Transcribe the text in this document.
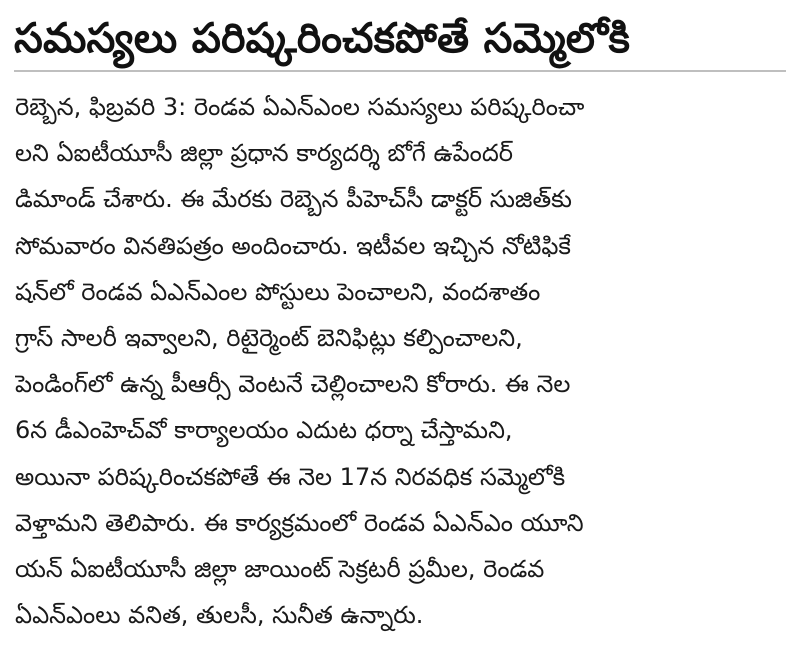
సమస్యలు పరిష్కరించకపోతే సమ్మెలోకి
రెబ్బెన, ఫిబ్రవరి 3: రెండవ ఏఎన్ఎంల సమస్యలు పరిష్కరించా
లని ఏఐటీయూసీ జిల్లా ప్రధాన కార్యదర్శి బోగే ఉపేందర్
డిమాండ్ చేశారు. ఈ మేరకు రెబ్బెన పీహెచ్‌సీ డాక్టర్ సుజిత్‌కు
సోమవారం వినతిపత్రం అందించారు. ఇటీవల ఇచ్చిన నోటిఫికే
షన్‌లో రెండవ ఏఎన్ఎంల పోస్టులు పెంచాలని, వందశాతం
గ్రాస్ సాలరీ ఇవ్వాలని, రిటైర్మెంట్ బెనిఫిట్లు కల్పించాలని,
పెండింగ్‌లో ఉన్న పీఆర్సీ వెంటనే చెల్లించాలని కోరారు. ఈ నెల
6న డీఎంహెచ్‌వో కార్యాలయం ఎదుట ధర్నా చేస్తామని,
అయినా పరిష్కరించకపోతే ఈ నెల 17న నిరవధిక సమ్మెలోకి
వెళ్తామని తెలిపారు. ఈ కార్యక్రమంలో రెండవ ఏఎన్ఎం యూని
యన్ ఏఐటీయూసీ జిల్లా జాయింట్ సెక్రటరీ ప్రమీల, రెండవ
ఏఎన్ఎంలు వనిత, తులసీ, సునీత ఉన్నారు.
